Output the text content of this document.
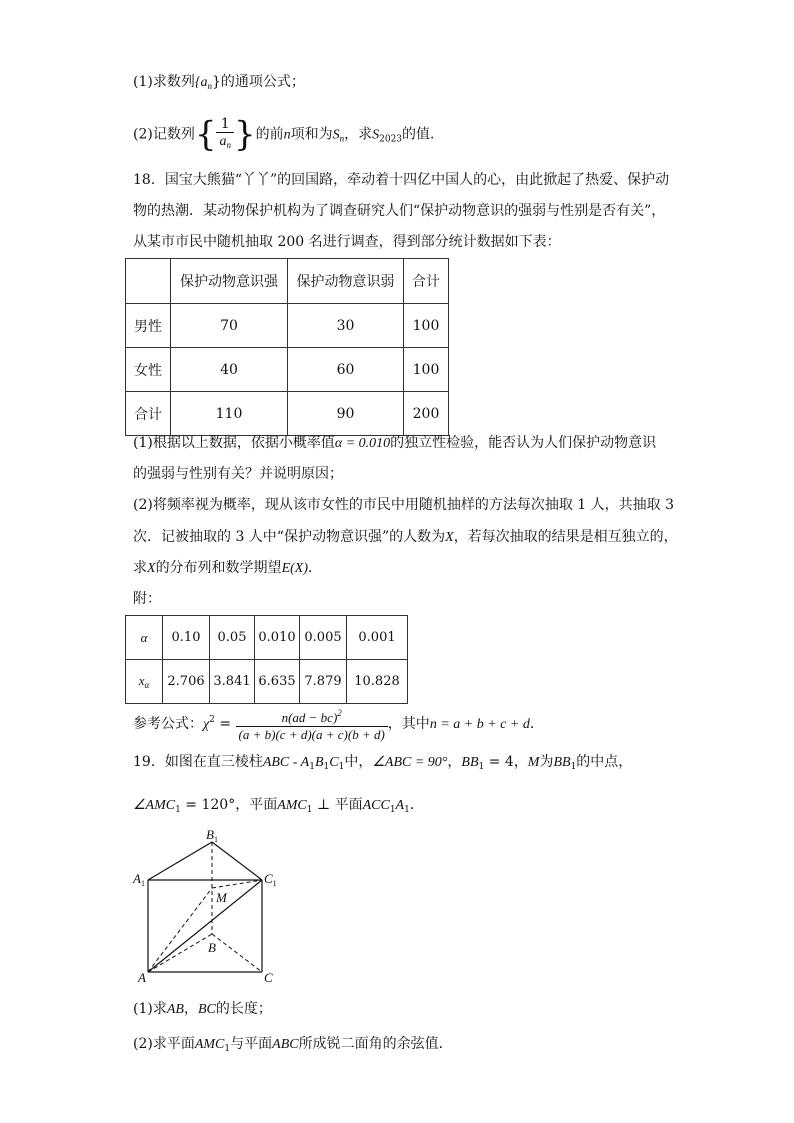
(1)求数列$\{a_n\}$的通项公式；
(2)记数列{ $\frac{1}{a_n}$ }的前n项和为$S_n$，求$S_{2023}$的值．
18．国宝大熊猫“丫丫”的回国路，牵动着十四亿中国人的心，由此掀起了热爱、保护动
物的热潮．某动物保护机构为了调查研究人们“保护动物意识的强弱与性别是否有关”，
从某市市民中随机抽取 200 名进行调查，得到部分统计数据如下表：
	保护动物意识强	保护动物意识弱	合计
男性	70	30	100
女性	40	60	100
合计	110	90	200
(1)根据以上数据，依据小概率值α = 0.010的独立性检验，能否认为人们保护动物意识
的强弱与性别有关？并说明原因；
(2)将频率视为概率，现从该市女性的市民中用随机抽样的方法每次抽取 1 人，共抽取 3
次．记被抽取的 3 人中“保护动物意识强”的人数为X，若每次抽取的结果是相互独立的，
求X的分布列和数学期望E(X)．
附：
α	0.10	0.05	0.010	0.005	0.001
$x_\alpha$	2.706	3.841	6.635	7.879	10.828
参考公式：$\chi^2 = \frac{n(ad - bc)^2}{(a + b)(c + d)(a + c)(b + d)}$ ，其中n = a + b + c + d．
19．如图在直三棱柱ABC - $A_1B_1C_1$中，∠ABC = 90°，$BB_1 = 4$，M为$BB_1$的中点，
$\angle AMC_1 = 120^\circ$，平面$AMC_1$ ⊥ 平面$ACC_1A_1$．
$B_1$
$A_1$	$C_1$
M
B
A	C
(1)求AB，BC的长度；
(2)求平面$AMC_1$与平面ABC所成锐二面角的余弦值．
